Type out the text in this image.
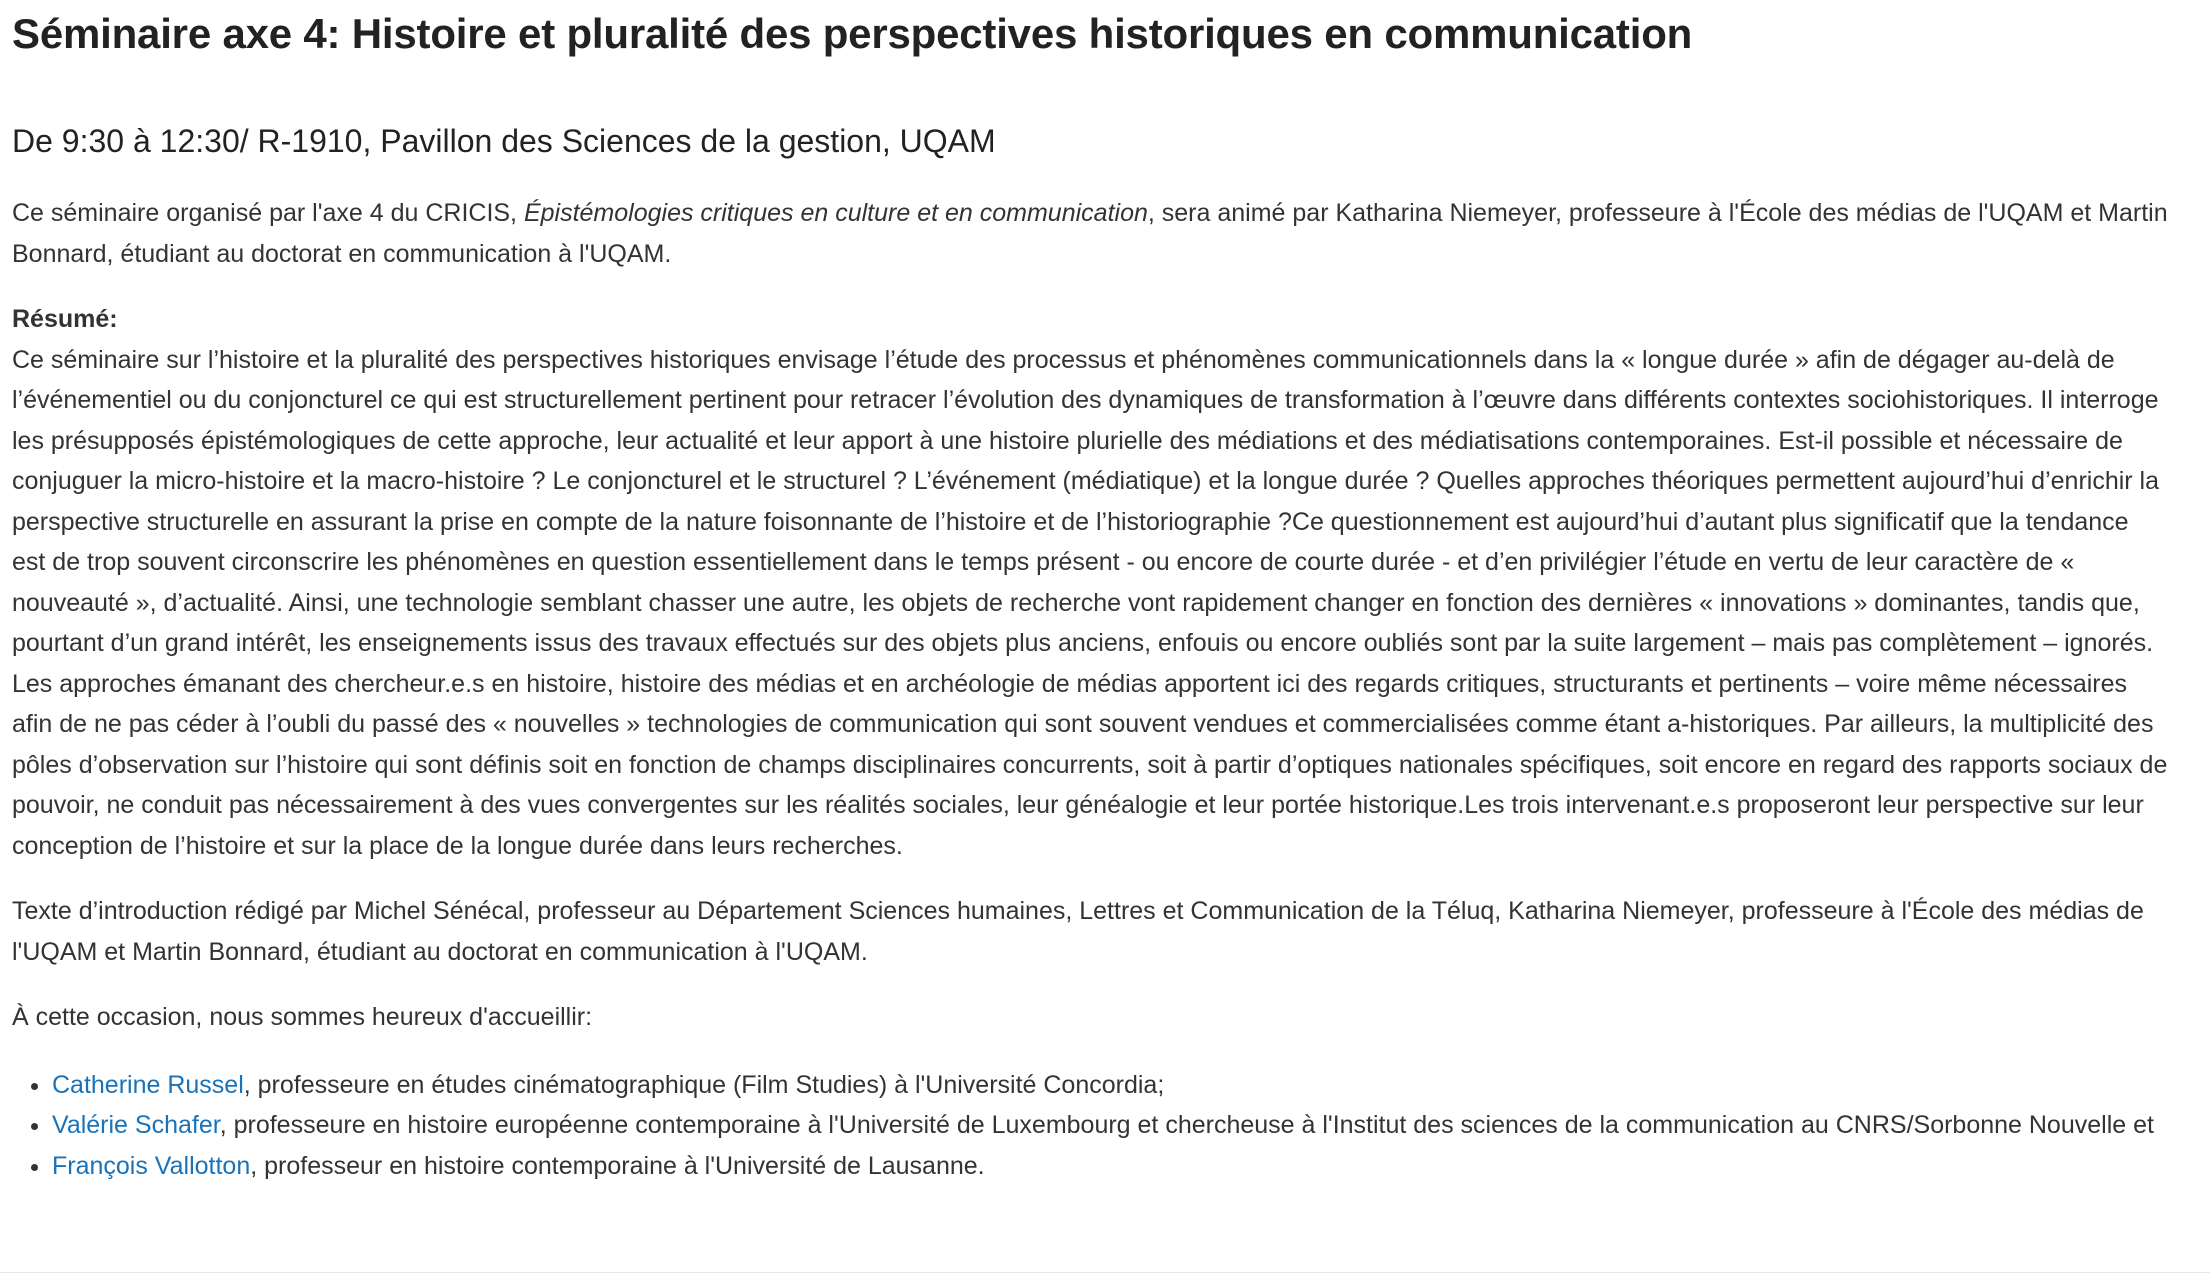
Séminaire axe 4: Histoire et pluralité des perspectives historiques en communication
De 9:30 à 12:30/ R-1910, Pavillon des Sciences de la gestion, UQAM

Ce séminaire organisé par l'axe 4 du CRICIS, Épistémologies critiques en culture et en communication, sera animé par Katharina Niemeyer, professeure à l'École des médias de l'UQAM et Martin Bonnard, étudiant au doctorat en communication à l'UQAM.

Résumé:

Ce séminaire sur l’histoire et la pluralité des perspectives historiques envisage l’étude des processus et phénomènes communicationnels dans la « longue durée » afin de dégager au-delà de l’événementiel ou du conjoncturel ce qui est structurellement pertinent pour retracer l’évolution des dynamiques de transformation à l’œuvre dans différents contextes sociohistoriques. Il interroge les présupposés épistémologiques de cette approche, leur actualité et leur apport à une histoire plurielle des médiations et des médiatisations contemporaines. Est-il possible et nécessaire de conjuguer la micro-histoire et la macro-histoire ? Le conjoncturel et le structurel ? L’événement (médiatique) et la longue durée ? Quelles approches théoriques permettent aujourd’hui d’enrichir la perspective structurelle en assurant la prise en compte de la nature foisonnante de l’histoire et de l’historiographie ?Ce questionnement est aujourd’hui d’autant plus significatif que la tendance est de trop souvent circonscrire les phénomènes en question essentiellement dans le temps présent - ou encore de courte durée - et d’en privilégier l’étude en vertu de leur caractère de « nouveauté », d’actualité. Ainsi, une technologie semblant chasser une autre, les objets de recherche vont rapidement changer en fonction des dernières « innovations » dominantes, tandis que, pourtant d’un grand intérêt, les enseignements issus des travaux effectués sur des objets plus anciens, enfouis ou encore oubliés sont par la suite largement – mais pas complètement – ignorés. Les approches émanant des chercheur.e.s en histoire, histoire des médias et en archéologie de médias apportent ici des regards critiques, structurants et pertinents – voire même nécessaires afin de ne pas céder à l’oubli du passé des « nouvelles » technologies de communication qui sont souvent vendues et commercialisées comme étant a-historiques. Par ailleurs, la multiplicité des pôles d’observation sur l’histoire qui sont définis soit en fonction de champs disciplinaires concurrents, soit à partir d’optiques nationales spécifiques, soit encore en regard des rapports sociaux de pouvoir, ne conduit pas nécessairement à des vues convergentes sur les réalités sociales, leur généalogie et leur portée historique.Les trois intervenant.e.s proposeront leur perspective sur leur conception de l’histoire et sur la place de la longue durée dans leurs recherches.

Texte d’introduction rédigé par Michel Sénécal, professeur au Département Sciences humaines, Lettres et Communication de la Téluq, Katharina Niemeyer, professeure à l'École des médias de l'UQAM et Martin Bonnard, étudiant au doctorat en communication à l'UQAM.

À cette occasion, nous sommes heureux d'accueillir:

• Catherine Russel, professeure en études cinématographique (Film Studies) à l'Université Concordia;
• Valérie Schafer, professeure en histoire européenne contemporaine à l'Université de Luxembourg et chercheuse à l'Institut des sciences de la communication au CNRS/Sorbonne Nouvelle et
• François Vallotton, professeur en histoire contemporaine à l'Université de Lausanne.
